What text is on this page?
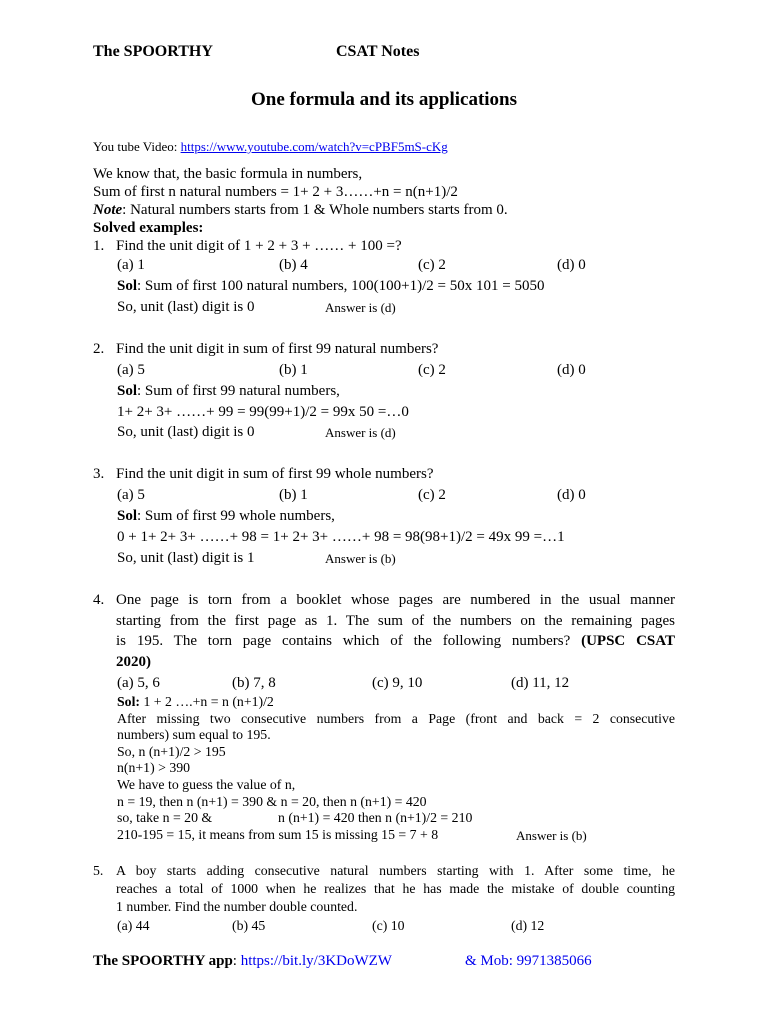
The SPOORTHY	CSAT Notes
One formula and its applications
You tube Video: https://www.youtube.com/watch?v=cPBF5mS-cKg
We know that, the basic formula in numbers,
Sum of first n natural numbers = 1+ 2 + 3……+n = n(n+1)/2
Note: Natural numbers starts from 1 & Whole numbers starts from 0.
Solved examples:
1. Find the unit digit of 1 + 2 + 3 + …… + 100 =?
(a) 1	(b) 4	(c) 2	(d) 0
Sol: Sum of first 100 natural numbers, 100(100+1)/2 = 50x 101 = 5050
So, unit (last) digit is 0	Answer is (d)
2. Find the unit digit in sum of first 99 natural numbers?
(a) 5	(b) 1	(c) 2	(d) 0
Sol: Sum of first 99 natural numbers,
1+ 2+ 3+ ……+ 99 = 99(99+1)/2 = 99x 50 =…0
So, unit (last) digit is 0	Answer is (d)
3. Find the unit digit in sum of first 99 whole numbers?
(a) 5	(b) 1	(c) 2	(d) 0
Sol: Sum of first 99 whole numbers,
0 + 1+ 2+ 3+ ……+ 98 = 1+ 2+ 3+ ……+ 98 = 98(98+1)/2 = 49x 99 =…1
So, unit (last) digit is 1	Answer is (b)
4. One page is torn from a booklet whose pages are numbered in the usual manner
starting from the first page as 1. The sum of the numbers on the remaining pages
is 195. The torn page contains which of the following numbers? (UPSC CSAT
2020)
(a) 5, 6	(b) 7, 8	(c) 9, 10	(d) 11, 12
Sol: 1 + 2 ….+n = n (n+1)/2
After missing two consecutive numbers from a Page (front and back = 2 consecutive
numbers) sum equal to 195.
So, n (n+1)/2 > 195
n(n+1) > 390
We have to guess the value of n,
n = 19, then n (n+1) = 390 & n = 20, then n (n+1) = 420
so, take n = 20 &	n (n+1) = 420 then n (n+1)/2 = 210
210-195 = 15, it means from sum 15 is missing 15 = 7 + 8	Answer is (b)
5. A boy starts adding consecutive natural numbers starting with 1. After some time, he
reaches a total of 1000 when he realizes that he has made the mistake of double counting
1 number. Find the number double counted.
(a) 44	(b) 45	(c) 10	(d) 12
The SPOORTHY app: https://bit.ly/3KDoWZW	& Mob: 9971385066
